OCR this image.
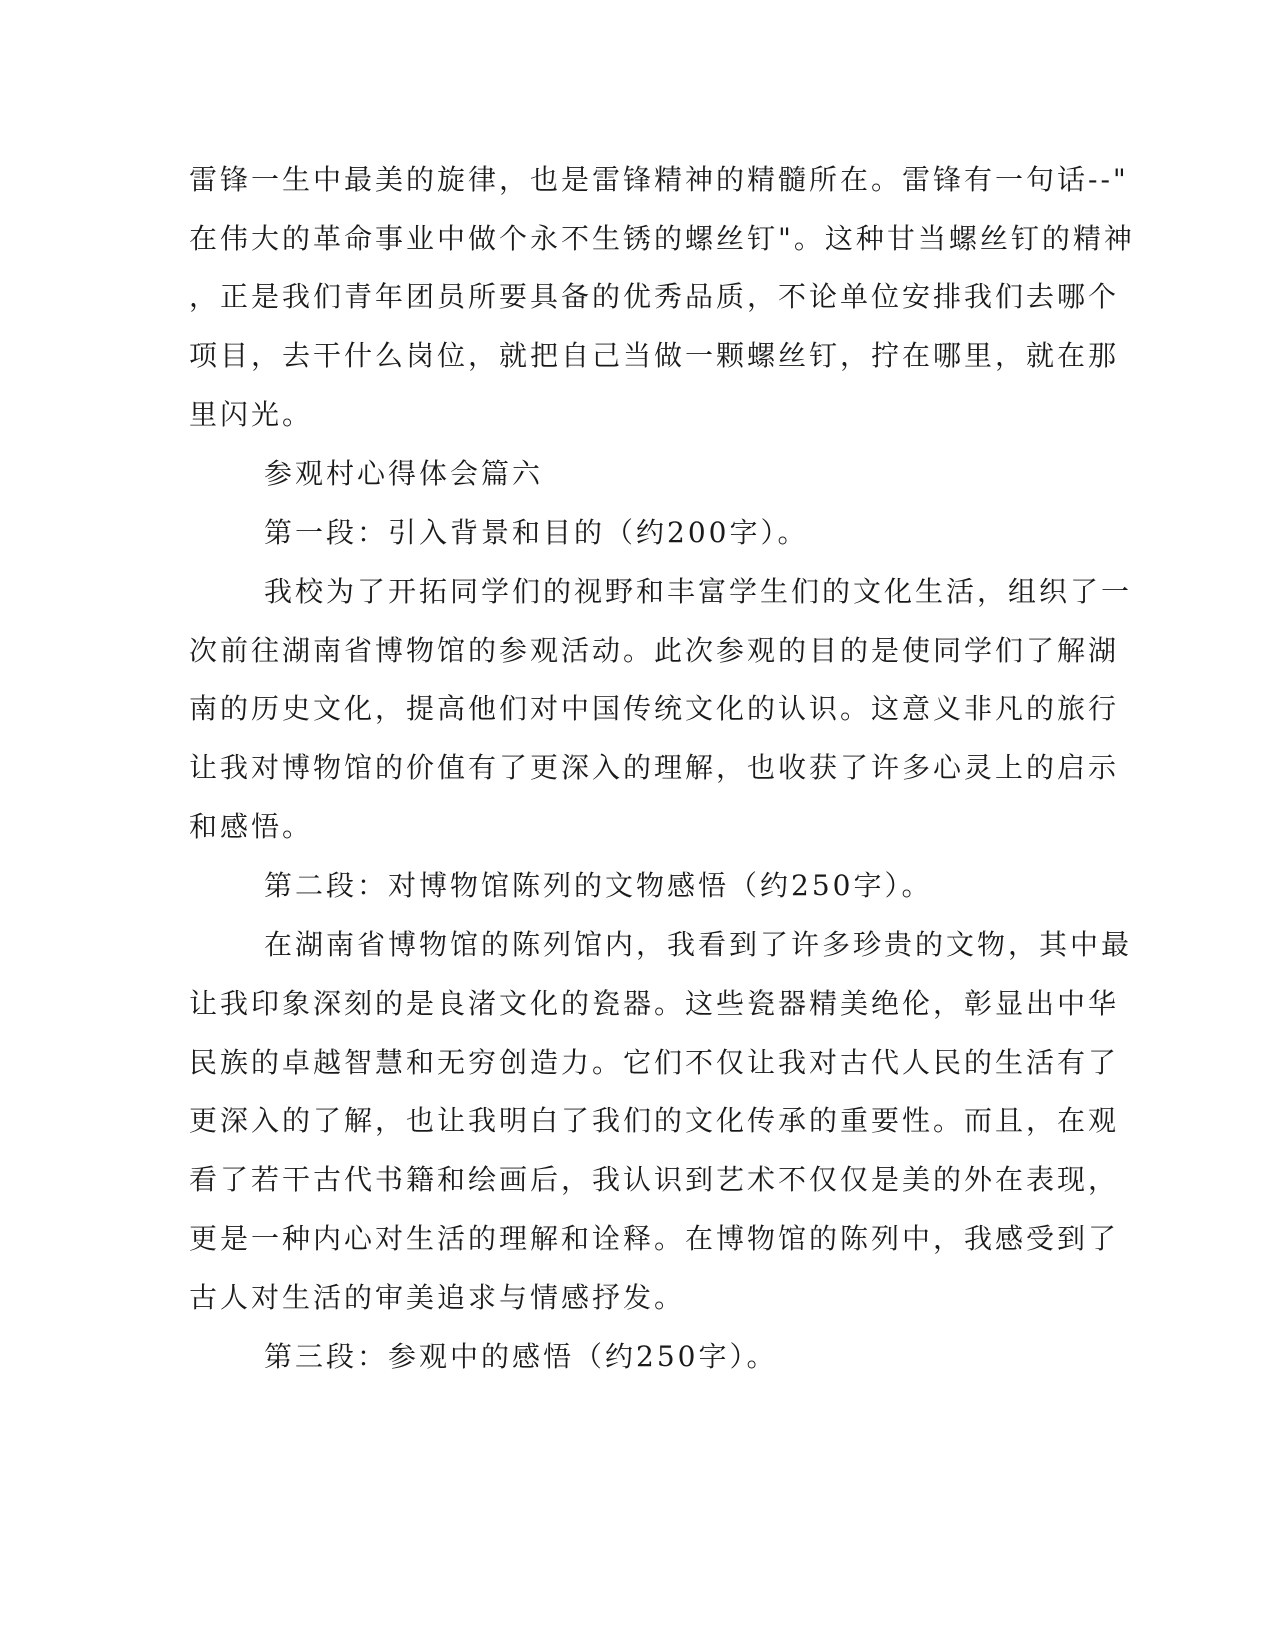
雷锋一生中最美的旋律，也是雷锋精神的精髓所在。雷锋有一句话--"

在伟大的革命事业中做个永不生锈的螺丝钉"。这种甘当螺丝钉的精神

，正是我们青年团员所要具备的优秀品质，不论单位安排我们去哪个

项目，去干什么岗位，就把自己当做一颗螺丝钉，拧在哪里，就在那

里闪光。

参观村心得体会篇六

第一段：引入背景和目的（约200字）。

我校为了开拓同学们的视野和丰富学生们的文化生活，组织了一

次前往湖南省博物馆的参观活动。此次参观的目的是使同学们了解湖

南的历史文化，提高他们对中国传统文化的认识。这意义非凡的旅行

让我对博物馆的价值有了更深入的理解，也收获了许多心灵上的启示

和感悟。

第二段：对博物馆陈列的文物感悟（约250字）。

在湖南省博物馆的陈列馆内，我看到了许多珍贵的文物，其中最

让我印象深刻的是良渚文化的瓷器。这些瓷器精美绝伦，彰显出中华

民族的卓越智慧和无穷创造力。它们不仅让我对古代人民的生活有了

更深入的了解，也让我明白了我们的文化传承的重要性。而且，在观

看了若干古代书籍和绘画后，我认识到艺术不仅仅是美的外在表现，

更是一种内心对生活的理解和诠释。在博物馆的陈列中，我感受到了

古人对生活的审美追求与情感抒发。

第三段：参观中的感悟（约250字）。
